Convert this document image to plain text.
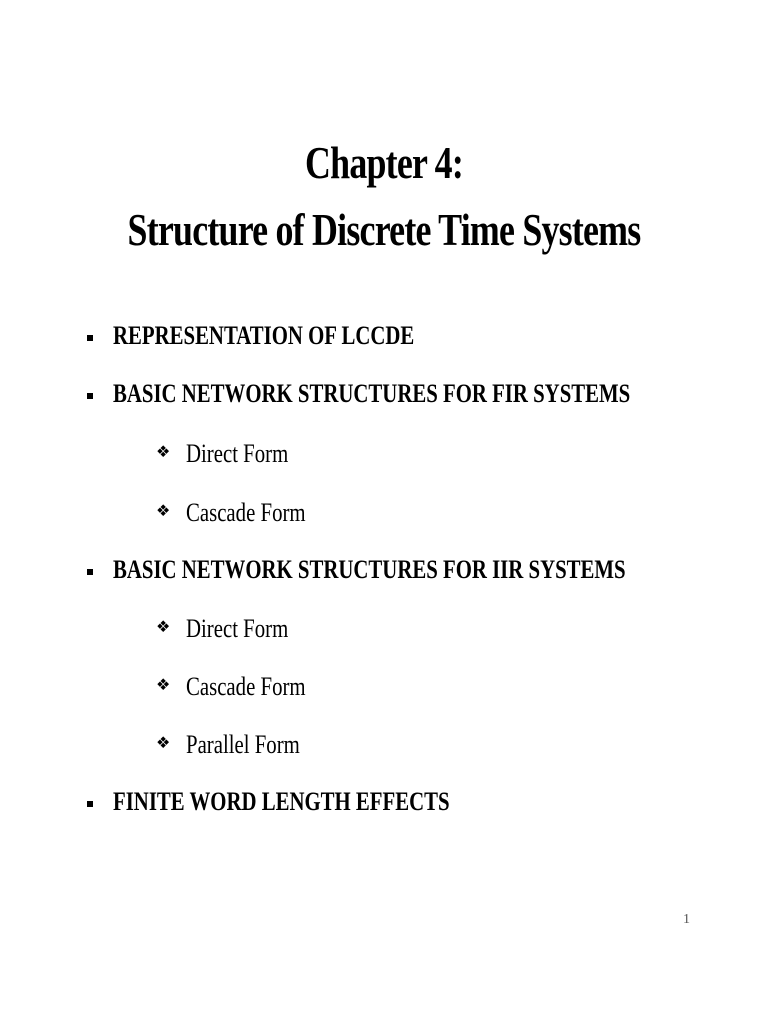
Chapter 4:
Structure of Discrete Time Systems
REPRESENTATION OF LCCDE
BASIC NETWORK STRUCTURES FOR FIR SYSTEMS
❖ Direct Form
❖ Cascade Form
BASIC NETWORK STRUCTURES FOR IIR SYSTEMS
❖ Direct Form
❖ Cascade Form
❖ Parallel Form
FINITE WORD LENGTH EFFECTS
1
